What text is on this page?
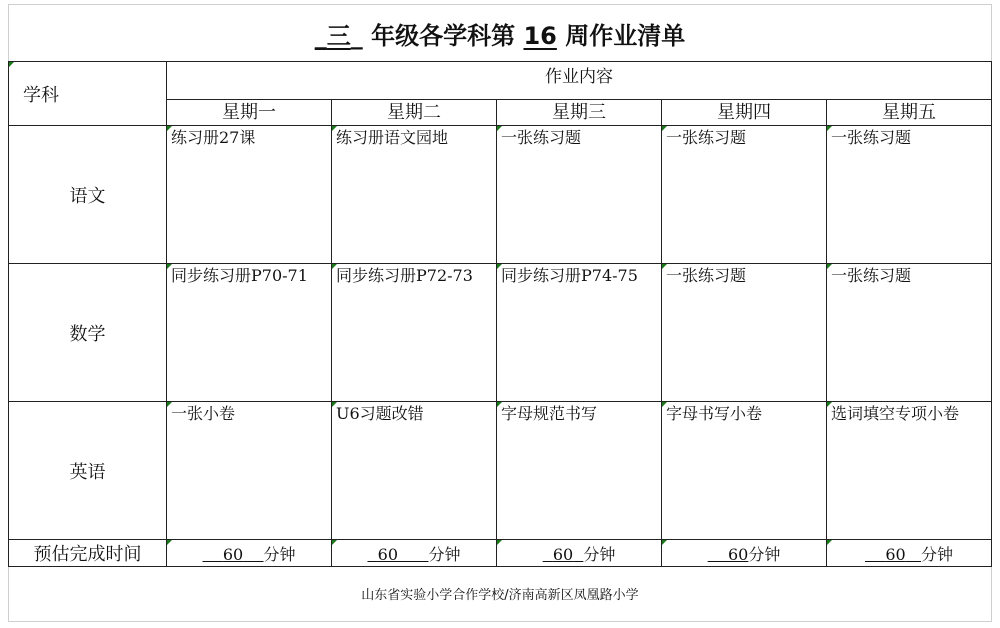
_三_ 年级各学科第 16 周作业清单
学科	作业内容				
	星期一	星期二	星期三	星期四	星期五
语文	练习册27课	练习册语文园地	一张练习题	一张练习题	一张练习题
数学	同步练习册P70-71	同步练习册P72-73	同步练习册P74-75	一张练习题	一张练习题
英语	一张小卷	U6习题改错	字母规范书写	字母书写小卷	选词填空专项小卷
预估完成时间	60 分钟	60 分钟	60 分钟	60分钟	60 分钟
山东省实验小学合作学校/济南高新区凤凰路小学
